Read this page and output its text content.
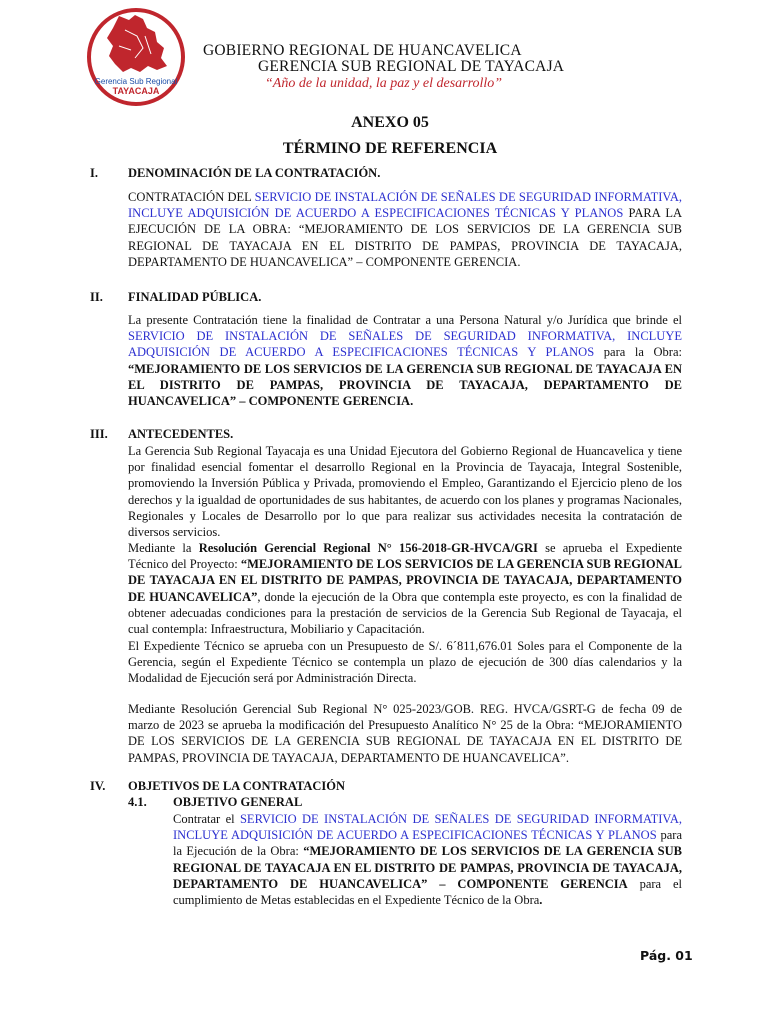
Gerencia Sub Regional
TAYACAJA
GOBIERNO REGIONAL DE HUANCAVELICA
GERENCIA SUB REGIONAL DE TAYACAJA
“Año de la unidad, la paz y el desarrollo”
ANEXO 05
TÉRMINO DE REFERENCIA
I. DENOMINACIÓN DE LA CONTRATACIÓN.
CONTRATACIÓN DEL SERVICIO DE INSTALACIÓN DE SEÑALES DE SEGURIDAD INFORMATIVA, INCLUYE ADQUISICIÓN DE ACUERDO A ESPECIFICACIONES TÉCNICAS Y PLANOS PARA LA EJECUCIÓN DE LA OBRA: “MEJORAMIENTO DE LOS SERVICIOS DE LA GERENCIA SUB REGIONAL DE TAYACAJA EN EL DISTRITO DE PAMPAS, PROVINCIA DE TAYACAJA, DEPARTAMENTO DE HUANCAVELICA” – COMPONENTE GERENCIA.
II. FINALIDAD PÚBLICA.
La presente Contratación tiene la finalidad de Contratar a una Persona Natural y/o Jurídica que brinde el SERVICIO DE INSTALACIÓN DE SEÑALES DE SEGURIDAD INFORMATIVA, INCLUYE ADQUISICIÓN DE ACUERDO A ESPECIFICACIONES TÉCNICAS Y PLANOS para la Obra: “MEJORAMIENTO DE LOS SERVICIOS DE LA GERENCIA SUB REGIONAL DE TAYACAJA EN EL DISTRITO DE PAMPAS, PROVINCIA DE TAYACAJA, DEPARTAMENTO DE HUANCAVELICA” – COMPONENTE GERENCIA.
III. ANTECEDENTES.
La Gerencia Sub Regional Tayacaja es una Unidad Ejecutora del Gobierno Regional de Huancavelica y tiene por finalidad esencial fomentar el desarrollo Regional en la Provincia de Tayacaja, Integral Sostenible, promoviendo la Inversión Pública y Privada, promoviendo el Empleo, Garantizando el Ejercicio pleno de los derechos y la igualdad de oportunidades de sus habitantes, de acuerdo con los planes y programas Nacionales, Regionales y Locales de Desarrollo por lo que para realizar sus actividades necesita la contratación de diversos servicios.
Mediante la Resolución Gerencial Regional N° 156-2018-GR-HVCA/GRI se aprueba el Expediente Técnico del Proyecto: “MEJORAMIENTO DE LOS SERVICIOS DE LA GERENCIA SUB REGIONAL DE TAYACAJA EN EL DISTRITO DE PAMPAS, PROVINCIA DE TAYACAJA, DEPARTAMENTO DE HUANCAVELICA”, donde la ejecución de la Obra que contempla este proyecto, es con la finalidad de obtener adecuadas condiciones para la prestación de servicios de la Gerencia Sub Regional de Tayacaja, el cual contempla: Infraestructura, Mobiliario y Capacitación.
El Expediente Técnico se aprueba con un Presupuesto de S/. 6´811,676.01 Soles para el Componente de la Gerencia, según el Expediente Técnico se contempla un plazo de ejecución de 300 días calendarios y la Modalidad de Ejecución será por Administración Directa.
Mediante Resolución Gerencial Sub Regional N° 025-2023/GOB. REG. HVCA/GSRT-G de fecha 09 de marzo de 2023 se aprueba la modificación del Presupuesto Analítico N° 25 de la Obra: “MEJORAMIENTO DE LOS SERVICIOS DE LA GERENCIA SUB REGIONAL DE TAYACAJA EN EL DISTRITO DE PAMPAS, PROVINCIA DE TAYACAJA, DEPARTAMENTO DE HUANCAVELICA”.
IV. OBJETIVOS DE LA CONTRATACIÓN
4.1. OBJETIVO GENERAL
Contratar el SERVICIO DE INSTALACIÓN DE SEÑALES DE SEGURIDAD INFORMATIVA, INCLUYE ADQUISICIÓN DE ACUERDO A ESPECIFICACIONES TÉCNICAS Y PLANOS para la Ejecución de la Obra: “MEJORAMIENTO DE LOS SERVICIOS DE LA GERENCIA SUB REGIONAL DE TAYACAJA EN EL DISTRITO DE PAMPAS, PROVINCIA DE TAYACAJA, DEPARTAMENTO DE HUANCAVELICA” – COMPONENTE GERENCIA para el cumplimiento de Metas establecidas en el Expediente Técnico de la Obra.
Pág. 01
